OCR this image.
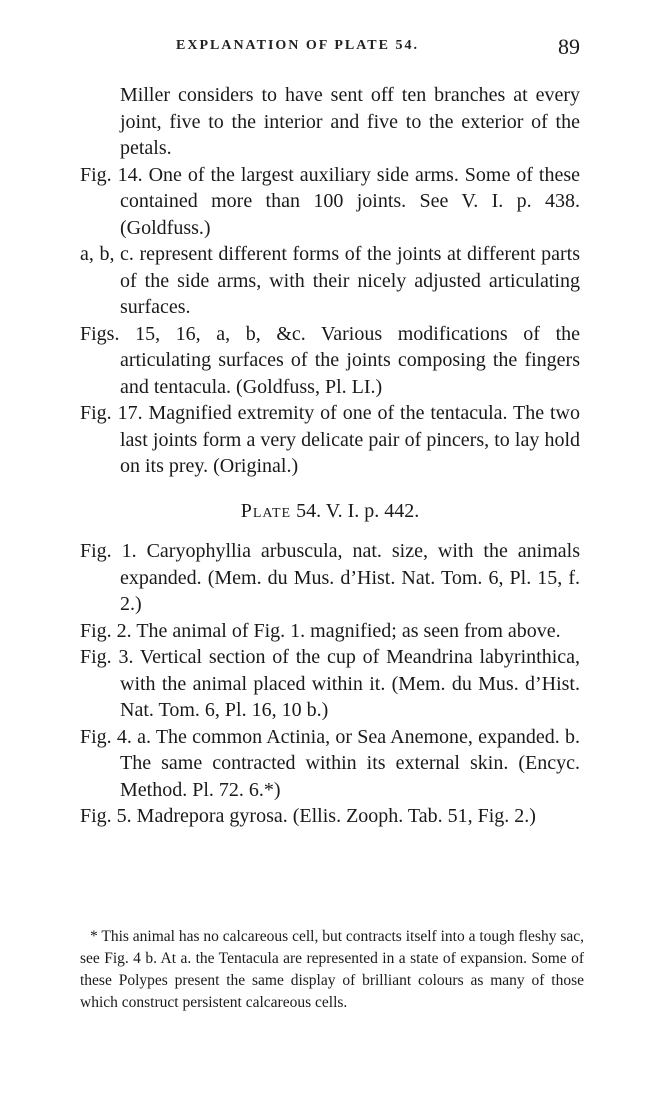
EXPLANATION OF PLATE 54.	89

Miller considers to have sent off ten branches at every joint, five to the interior and five to the exterior of the petals.

Fig. 14. One of the largest auxiliary side arms. Some of these contained more than 100 joints. See V. I. p. 438. (Goldfuss.)

a, b, c. represent different forms of the joints at different parts of the side arms, with their nicely adjusted articulating surfaces.

Figs. 15, 16, a, b, &c. Various modifications of the articulating surfaces of the joints composing the fingers and tentacula. (Goldfuss, Pl. LI.)

Fig. 17. Magnified extremity of one of the tentacula. The two last joints form a very delicate pair of pincers, to lay hold on its prey. (Original.)

Plate 54. V. I. p. 442.

Fig. 1. Caryophyllia arbuscula, nat. size, with the animals expanded. (Mem. du Mus. d’Hist. Nat. Tom. 6, Pl. 15, f. 2.)

Fig. 2. The animal of Fig. 1. magnified; as seen from above.

Fig. 3. Vertical section of the cup of Meandrina labyrinthica, with the animal placed within it. (Mem. du Mus. d’Hist. Nat. Tom. 6, Pl. 16, 10 b.)

Fig. 4. a. The common Actinia, or Sea Anemone, expanded. b. The same contracted within its external skin. (Encyc. Method. Pl. 72. 6.*)

Fig. 5. Madrepora gyrosa. (Ellis. Zooph. Tab. 51, Fig. 2.)

* This animal has no calcareous cell, but contracts itself into a tough fleshy sac, see Fig. 4 b. At a. the Tentacula are represented in a state of expansion. Some of these Polypes present the same display of brilliant colours as many of those which construct persistent calcareous cells.
